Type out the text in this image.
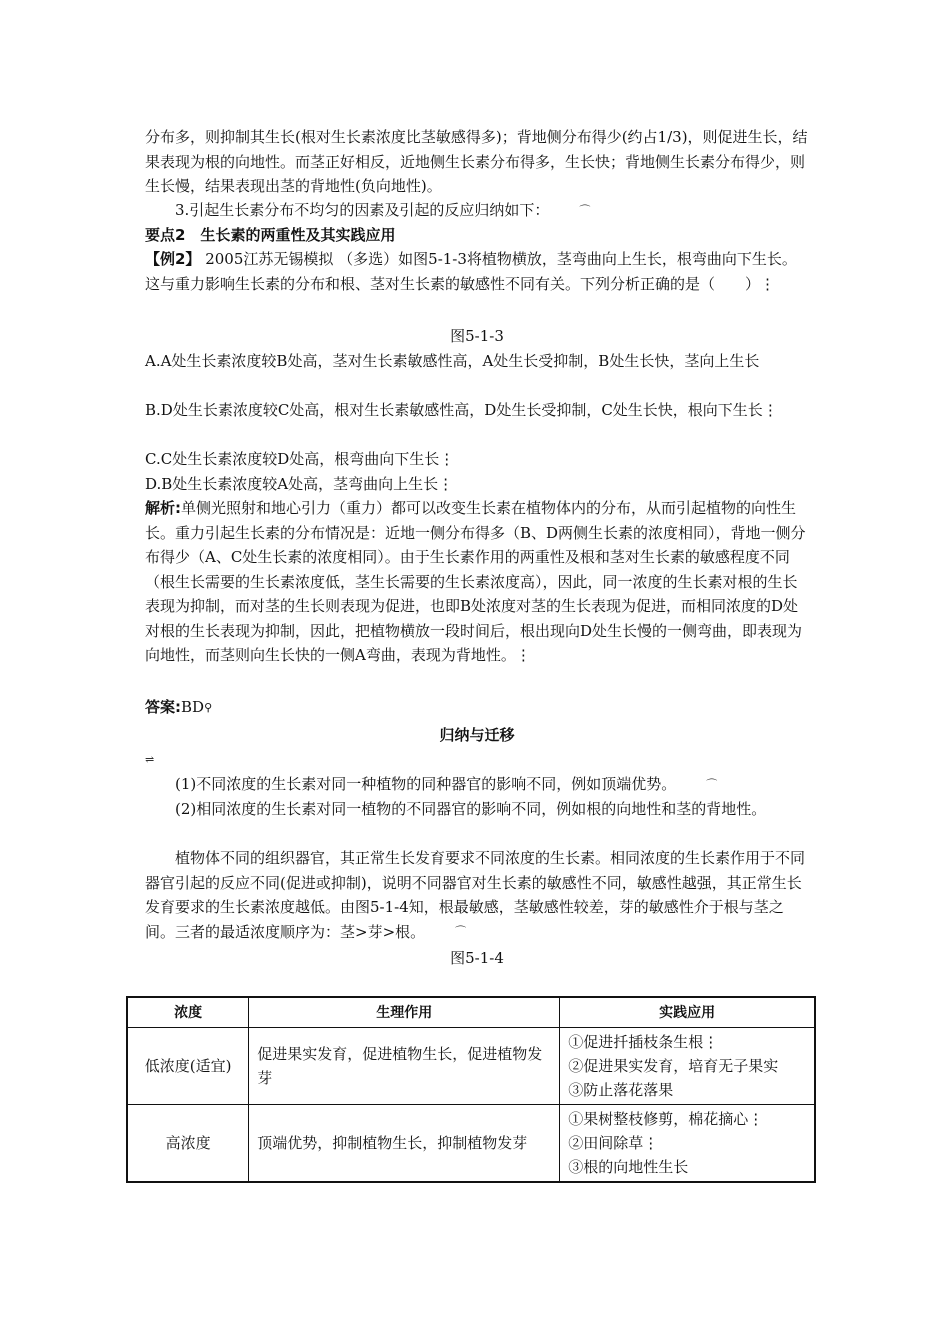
分布多，则抑制其生长(根对生长素浓度比茎敏感得多)；背地侧分布得少(约占1/3)，则促进生长，结果表现为根的向地性。而茎正好相反，近地侧生长素分布得多，生长快；背地侧生长素分布得少，则生长慢，结果表现出茎的背地性(负向地性)。
3.引起生长素分布不均匀的因素及引起的反应归纳如下：	⌒
要点2　生长素的两重性及其实践应用
【例2】 2005江苏无锡模拟 （多选）如图5-1-3将植物横放，茎弯曲向上生长，根弯曲向下生长。这与重力影响生长素的分布和根、茎对生长素的敏感性不同有关。下列分析正确的是（　　）⋮
图5-1-3
A.A处生长素浓度较B处高，茎对生长素敏感性高，A处生长受抑制，B处生长快，茎向上生长
B.D处生长素浓度较C处高，根对生长素敏感性高，D处生长受抑制，C处生长快，根向下生长⋮
C.C处生长素浓度较D处高，根弯曲向下生长⋮
D.B处生长素浓度较A处高，茎弯曲向上生长⋮
解析:单侧光照射和地心引力（重力）都可以改变生长素在植物体内的分布，从而引起植物的向性生长。重力引起生长素的分布情况是：近地一侧分布得多（B、D两侧生长素的浓度相同），背地一侧分布得少（A、C处生长素的浓度相同）。由于生长素作用的两重性及根和茎对生长素的敏感程度不同（根生长需要的生长素浓度低，茎生长需要的生长素浓度高），因此，同一浓度的生长素对根的生长表现为抑制，而对茎的生长则表现为促进，也即B处浓度对茎的生长表现为促进，而相同浓度的D处对根的生长表现为抑制，因此，把植物横放一段时间后，根出现向D处生长慢的一侧弯曲，即表现为向地性，而茎则向生长快的一侧A弯曲，表现为背地性。⋮
答案:BD⚲
归纳与迁移
⇌
(1)不同浓度的生长素对同一种植物的同种器官的影响不同，例如顶端优势。	⌒
(2)相同浓度的生长素对同一植物的不同器官的影响不同，例如根的向地性和茎的背地性。
植物体不同的组织器官，其正常生长发育要求不同浓度的生长素。相同浓度的生长素作用于不同器官引起的反应不同(促进或抑制)，说明不同器官对生长素的敏感性不同，敏感性越强，其正常生长发育要求的生长素浓度越低。由图5-1-4知，根最敏感，茎敏感性较差，芽的敏感性介于根与茎之间。三者的最适浓度顺序为：茎>芽>根。	⌒
图5-1-4
浓度	生理作用	实践应用
低浓度(适宜)	促进果实发育，促进植物生长，促进植物发芽	①促进扦插枝条生根⋮
②促进果实发育，培育无子果实
③防止落花落果

高浓度	顶端优势，抑制植物生长，抑制植物发芽	①果树整枝修剪，棉花摘心⋮
②田间除草⋮
③根的向地性生长
